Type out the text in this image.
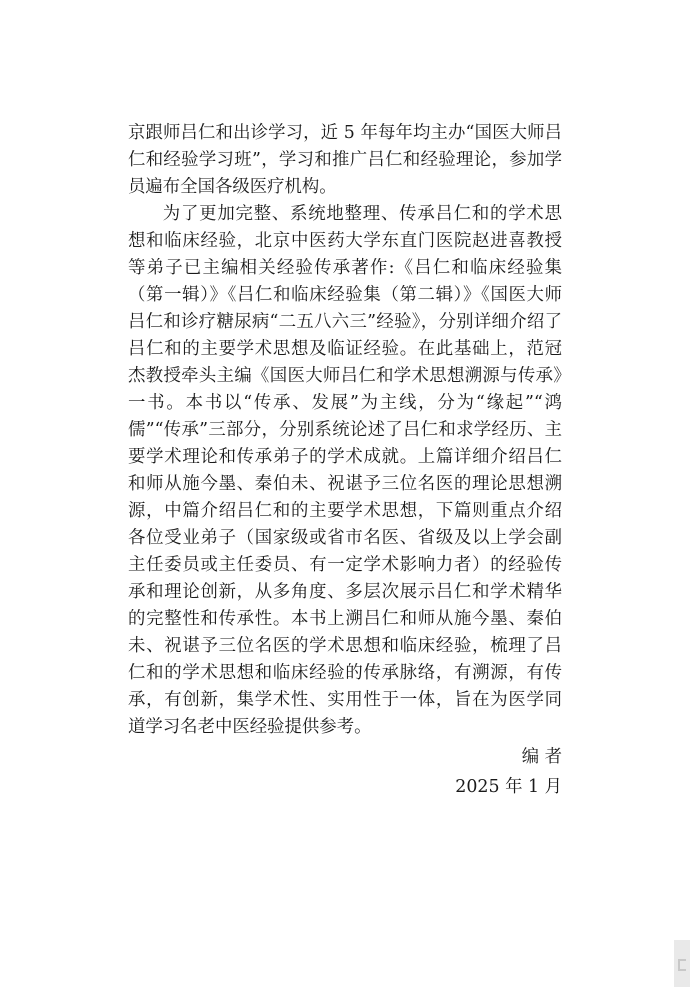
京跟师吕仁和出诊学习，近 5 年每年均主办“国医大师吕仁和经验学习班”，学习和推广吕仁和经验理论，参加学员遍布全国各级医疗机构。

为了更加完整、系统地整理、传承吕仁和的学术思想和临床经验，北京中医药大学东直门医院赵进喜教授等弟子已主编相关经验传承著作:《吕仁和临床经验集（第一辑）》《吕仁和临床经验集（第二辑）》《国医大师吕仁和诊疗糖尿病“二五八六三”经验》，分别详细介绍了吕仁和的主要学术思想及临证经验。在此基础上，范冠杰教授牵头主编《国医大师吕仁和学术思想溯源与传承》一书。本书以“传承、发展”为主线，分为“缘起”“鸿儒”“传承”三部分，分别系统论述了吕仁和求学经历、主要学术理论和传承弟子的学术成就。上篇详细介绍吕仁和师从施今墨、秦伯未、祝谌予三位名医的理论思想溯源，中篇介绍吕仁和的主要学术思想，下篇则重点介绍各位受业弟子（国家级或省市名医、省级及以上学会副主任委员或主任委员、有一定学术影响力者）的经验传承和理论创新，从多角度、多层次展示吕仁和学术精华的完整性和传承性。本书上溯吕仁和师从施今墨、秦伯未、祝谌予三位名医的学术思想和临床经验，梳理了吕仁和的学术思想和临床经验的传承脉络，有溯源，有传承，有创新，集学术性、实用性于一体，旨在为医学同道学习名老中医经验提供参考。

编 者
2025 年 1 月
